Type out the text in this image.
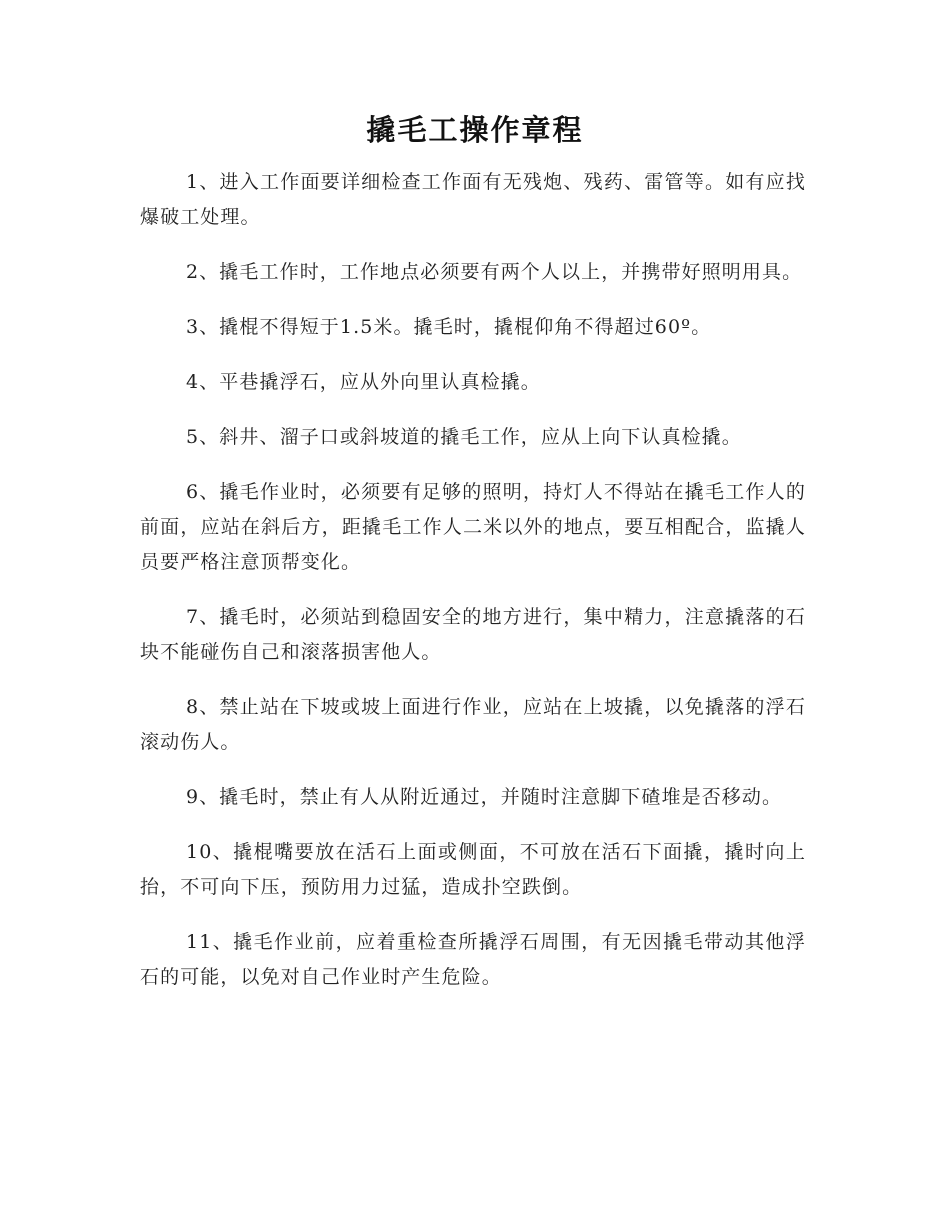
撬毛工操作章程

1、进入工作面要详细检查工作面有无残炮、残药、雷管等。如有应找爆破工处理。

2、撬毛工作时，工作地点必须要有两个人以上，并携带好照明用具。

3、撬棍不得短于1.5米。撬毛时，撬棍仰角不得超过60º。

4、平巷撬浮石，应从外向里认真检撬。

5、斜井、溜子口或斜坡道的撬毛工作，应从上向下认真检撬。

6、撬毛作业时，必须要有足够的照明，持灯人不得站在撬毛工作人的前面，应站在斜后方，距撬毛工作人二米以外的地点，要互相配合，监撬人员要严格注意顶帮变化。

7、撬毛时，必须站到稳固安全的地方进行，集中精力，注意撬落的石块不能碰伤自己和滚落损害他人。

8、禁止站在下坡或坡上面进行作业，应站在上坡撬，以免撬落的浮石滚动伤人。

9、撬毛时，禁止有人从附近通过，并随时注意脚下碴堆是否移动。

10、撬棍嘴要放在活石上面或侧面，不可放在活石下面撬，撬时向上抬，不可向下压，预防用力过猛，造成扑空跌倒。

11、撬毛作业前，应着重检查所撬浮石周围，有无因撬毛带动其他浮石的可能，以免对自己作业时产生危险。
